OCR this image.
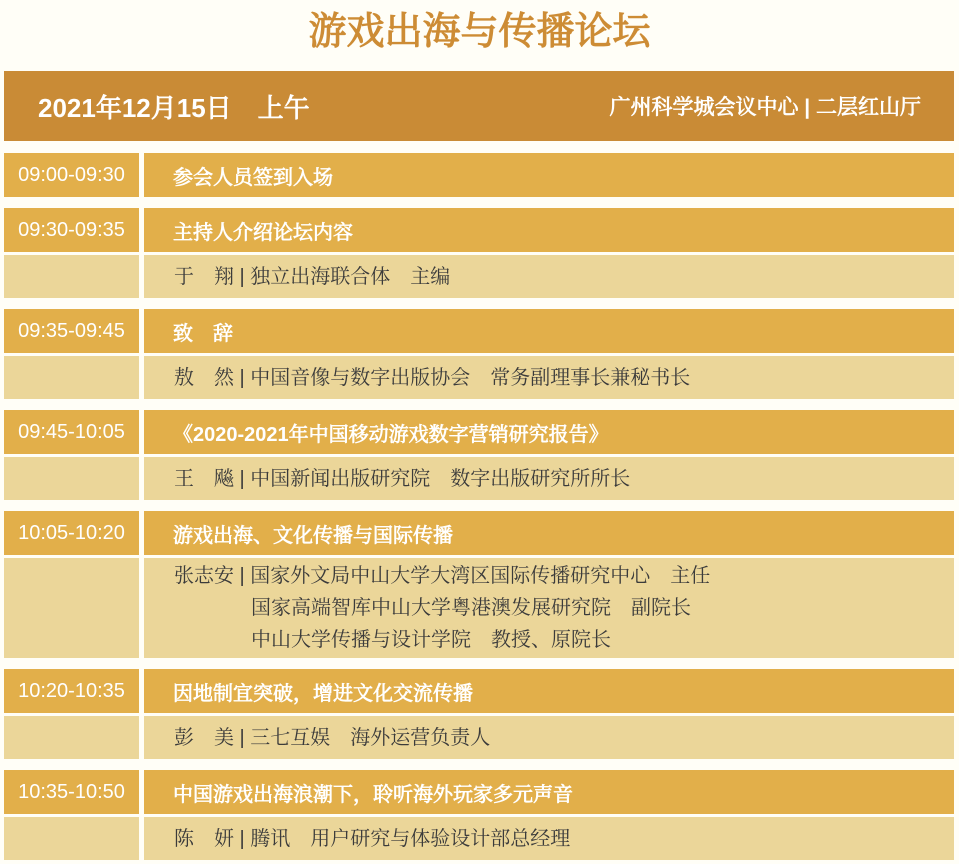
游戏出海与传播论坛
2021年12月15日　上午	广州科学城会议中心 | 二层红山厅
09:00-09:30	参会人员签到入场
09:30-09:35	主持人介绍论坛内容
于　翔 | 独立出海联合体　主编
09:35-09:45	致　辞
敖　然 | 中国音像与数字出版协会　常务副理事长兼秘书长
09:45-10:05	《2020-2021年中国移动游戏数字营销研究报告》
王　飚 | 中国新闻出版研究院　数字出版研究所所长
10:05-10:20	游戏出海、文化传播与国际传播
张志安 | 国家外文局中山大学大湾区国际传播研究中心　主任
国家高端智库中山大学粤港澳发展研究院　副院长
中山大学传播与设计学院　教授、原院长
10:20-10:35	因地制宜突破，增进文化交流传播
彭　美 | 三七互娱　海外运营负责人
10:35-10:50	中国游戏出海浪潮下，聆听海外玩家多元声音
陈　妍 | 腾讯　用户研究与体验设计部总经理
